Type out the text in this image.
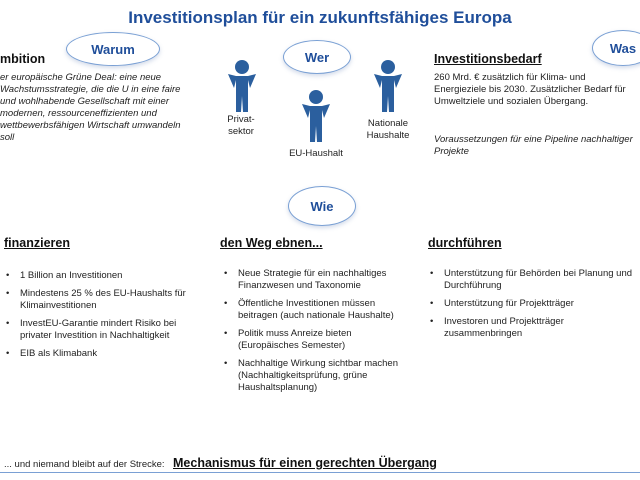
Investitionsplan für ein zukunftsfähiges Europa
Warum
Wer
Was
Wie
mbition
er europäische Grüne Deal: eine neue Wachstumsstrategie, die die U in eine faire und wohlhabende Gesellschaft mit einer modernen, ressourceneffizienten und wettbewerbsfähigen Wirtschaft umwandeln soll
Privat-
sektor
EU-Haushalt
Nationale
Haushalte
Investitionsbedarf
260 Mrd. € zusätzlich für Klima- und Energieziele bis 2030. Zusätzlicher Bedarf für Umweltziele und sozialen Übergang.
Voraussetzungen für eine Pipeline nachhaltiger Projekte
finanzieren
• 1 Billion an Investitionen
• Mindestens 25 % des EU-Haushalts für Klimainvestitionen
• InvestEU-Garantie mindert Risiko bei privater Investition in Nachhaltigkeit
• EIB als Klimabank
den Weg ebnen...
• Neue Strategie für ein nachhaltiges Finanzwesen und Taxonomie
• Öffentliche Investitionen müssen beitragen (auch nationale Haushalte)
• Politik muss Anreize bieten (Europäisches Semester)
• Nachhaltige Wirkung sichtbar machen (Nachhaltigkeitsprüfung, grüne Haushaltsplanung)
durchführen
• Unterstützung für Behörden bei Planung und Durchführung
• Unterstützung für Projektträger
• Investoren und Projektträger zusammenbringen
... und niemand bleibt auf der Strecke: Mechanismus für einen gerechten Übergang
